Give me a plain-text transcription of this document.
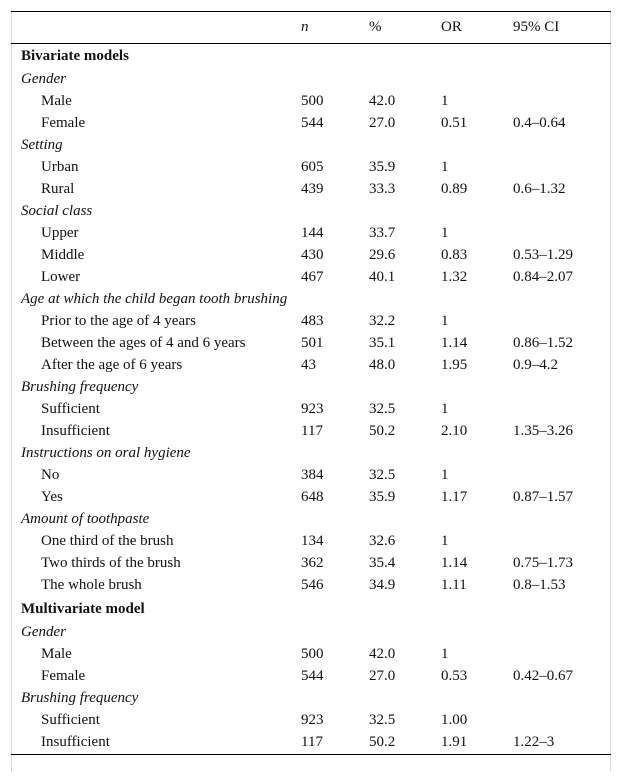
	n	%	OR	95% CI
Bivariate models				
Gender				
Male	500	42.0	1	
Female	544	27.0	0.51	0.4–0.64
Setting				
Urban	605	35.9	1	
Rural	439	33.3	0.89	0.6–1.32
Social class				
Upper	144	33.7	1	
Middle	430	29.6	0.83	0.53–1.29
Lower	467	40.1	1.32	0.84–2.07
Age at which the child began tooth brushing				
Prior to the age of 4 years	483	32.2	1	
Between the ages of 4 and 6 years	501	35.1	1.14	0.86–1.52
After the age of 6 years	43	48.0	1.95	0.9–4.2
Brushing frequency				
Sufficient	923	32.5	1	
Insufficient	117	50.2	2.10	1.35–3.26
Instructions on oral hygiene				
No	384	32.5	1	
Yes	648	35.9	1.17	0.87–1.57
Amount of toothpaste				
One third of the brush	134	32.6	1	
Two thirds of the brush	362	35.4	1.14	0.75–1.73
The whole brush	546	34.9	1.11	0.8–1.53
Multivariate model				
Gender				
Male	500	42.0	1	
Female	544	27.0	0.53	0.42–0.67
Brushing frequency				
Sufficient	923	32.5	1.00	
Insufficient	117	50.2	1.91	1.22–3
